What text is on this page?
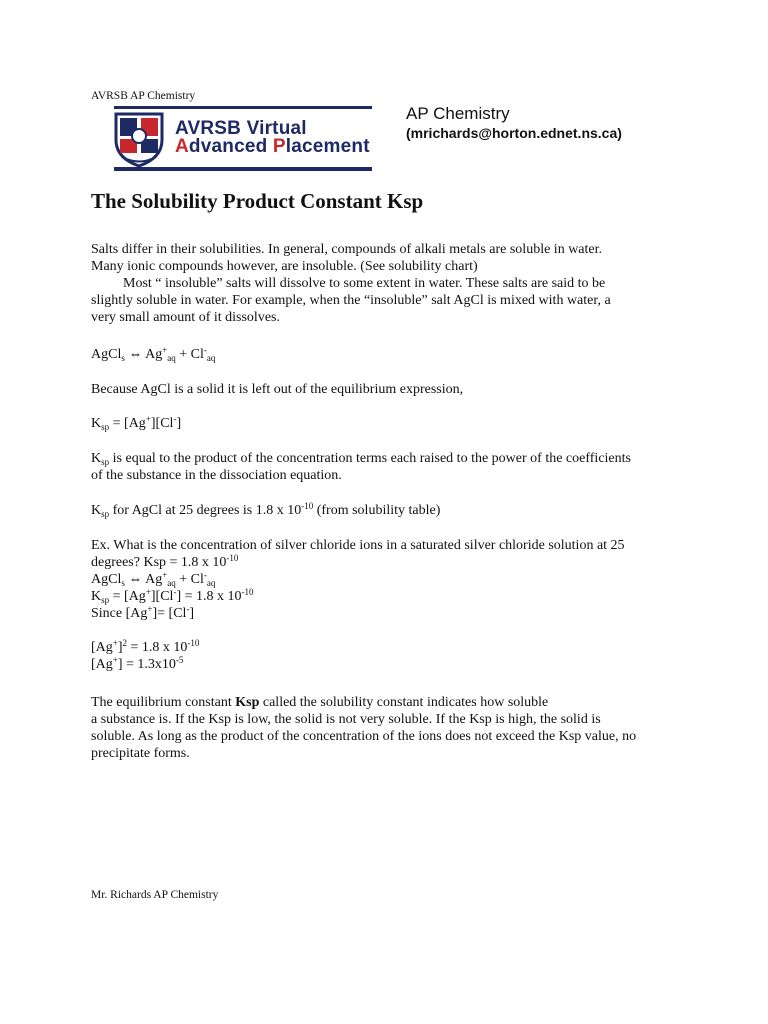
AVRSB AP Chemistry
AVRSB Virtual
Advanced Placement
AP Chemistry
(mrichards@horton.ednet.ns.ca)
The Solubility Product Constant Ksp
Salts differ in their solubilities. In general, compounds of alkali metals are soluble in water.
Many ionic compounds however, are insoluble. (See solubility chart)
Most “ insoluble” salts will dissolve to some extent in water. These salts are said to be
slightly soluble in water. For example, when the “insoluble” salt AgCl is mixed with water, a
very small amount of it dissolves.
AgCl$_s$ ⇔ $Ag^+_{aq} + Cl^-_{aq}$
Because AgCl is a solid it is left out of the equilibrium expression,
$K_{sp} = [Ag^+][Cl^-]$
$K_{sp}$ is equal to the product of the concentration terms each raised to the power of the coefficients
of the substance in the dissociation equation.
$K_{sp}$ for AgCl at 25 degrees is 1.8 x $10^{-10}$ (from solubility table)
Ex. What is the concentration of silver chloride ions in a saturated silver chloride solution at 25
degrees? Ksp = 1.8 x $10^{-10}$
AgCl$_s$ ⇔ $Ag^+_{aq} + Cl^-_{aq}$
$K_{sp} = [Ag^+][Cl^-] = 1.8$ x $10^{-10}$
Since [Ag+]= [Cl-]
$[Ag^+]^2 = 1.8$ x $10^{-10}$
$[Ag^+] = 1.3x10^{-5}$
The equilibrium constant Ksp called the solubility constant indicates how soluble
a substance is. If the Ksp is low, the solid is not very soluble. If the Ksp is high, the solid is
soluble. As long as the product of the concentration of the ions does not exceed the Ksp value, no
precipitate forms.
Mr. Richards AP Chemistry
